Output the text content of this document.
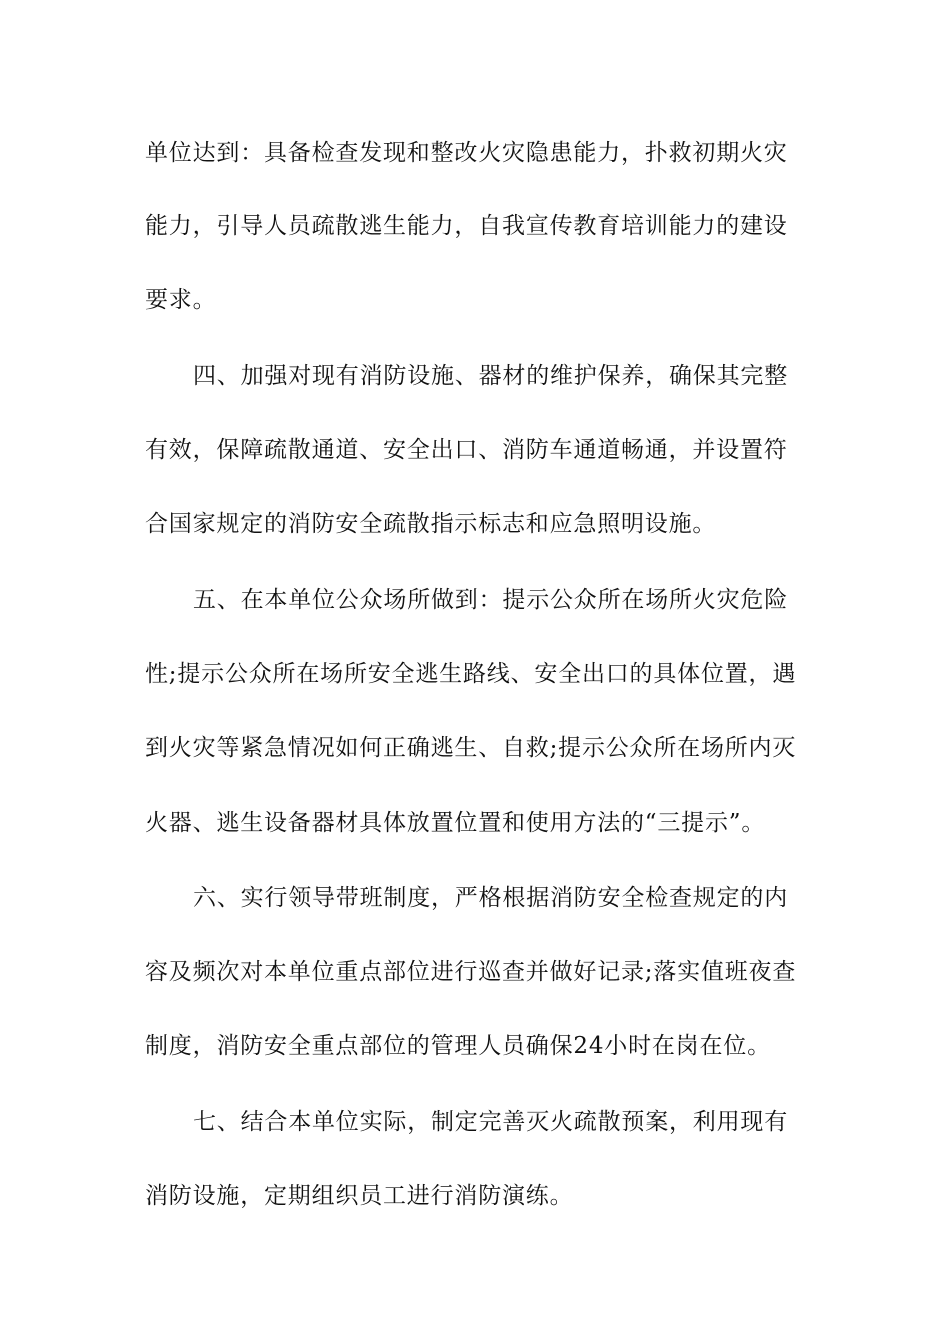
单位达到：具备检查发现和整改火灾隐患能力，扑救初期火灾
能力，引导人员疏散逃生能力，自我宣传教育培训能力的建设
要求。
四、加强对现有消防设施、器材的维护保养，确保其完整
有效，保障疏散通道、安全出口、消防车通道畅通，并设置符
合国家规定的消防安全疏散指示标志和应急照明设施。
五、在本单位公众场所做到：提示公众所在场所火灾危险
性;提示公众所在场所安全逃生路线、安全出口的具体位置，遇
到火灾等紧急情况如何正确逃生、自救;提示公众所在场所内灭
火器、逃生设备器材具体放置位置和使用方法的“三提示”。
六、实行领导带班制度，严格根据消防安全检查规定的内
容及频次对本单位重点部位进行巡查并做好记录;落实值班夜查
制度，消防安全重点部位的管理人员确保24小时在岗在位。
七、结合本单位实际，制定完善灭火疏散预案，利用现有
消防设施，定期组织员工进行消防演练。
